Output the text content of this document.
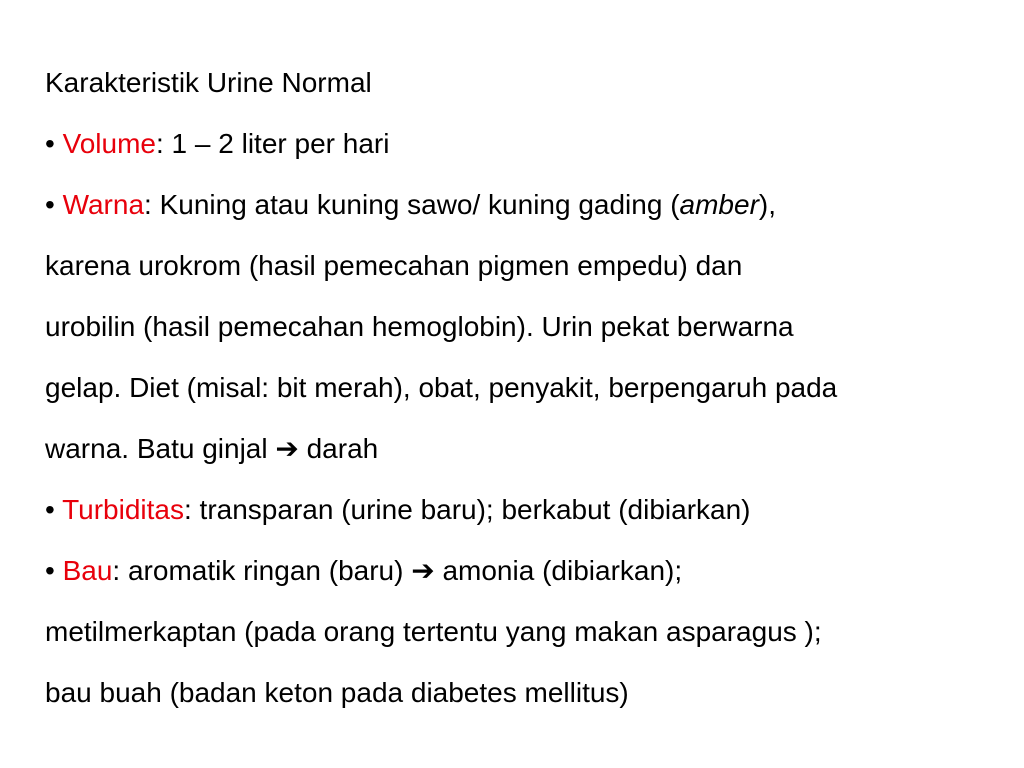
Karakteristik Urine Normal
• Volume: 1 – 2 liter per hari
• Warna: Kuning atau kuning sawo/ kuning gading (amber),
karena urokrom (hasil pemecahan pigmen empedu) dan
urobilin (hasil pemecahan hemoglobin). Urin pekat berwarna
gelap. Diet (misal: bit merah), obat, penyakit, berpengaruh pada
warna. Batu ginjal ➔ darah
• Turbiditas: transparan (urine baru); berkabut (dibiarkan)
• Bau: aromatik ringan (baru) ➔ amonia (dibiarkan);
metilmerkaptan (pada orang tertentu yang makan asparagus );
bau buah (badan keton pada diabetes mellitus)
